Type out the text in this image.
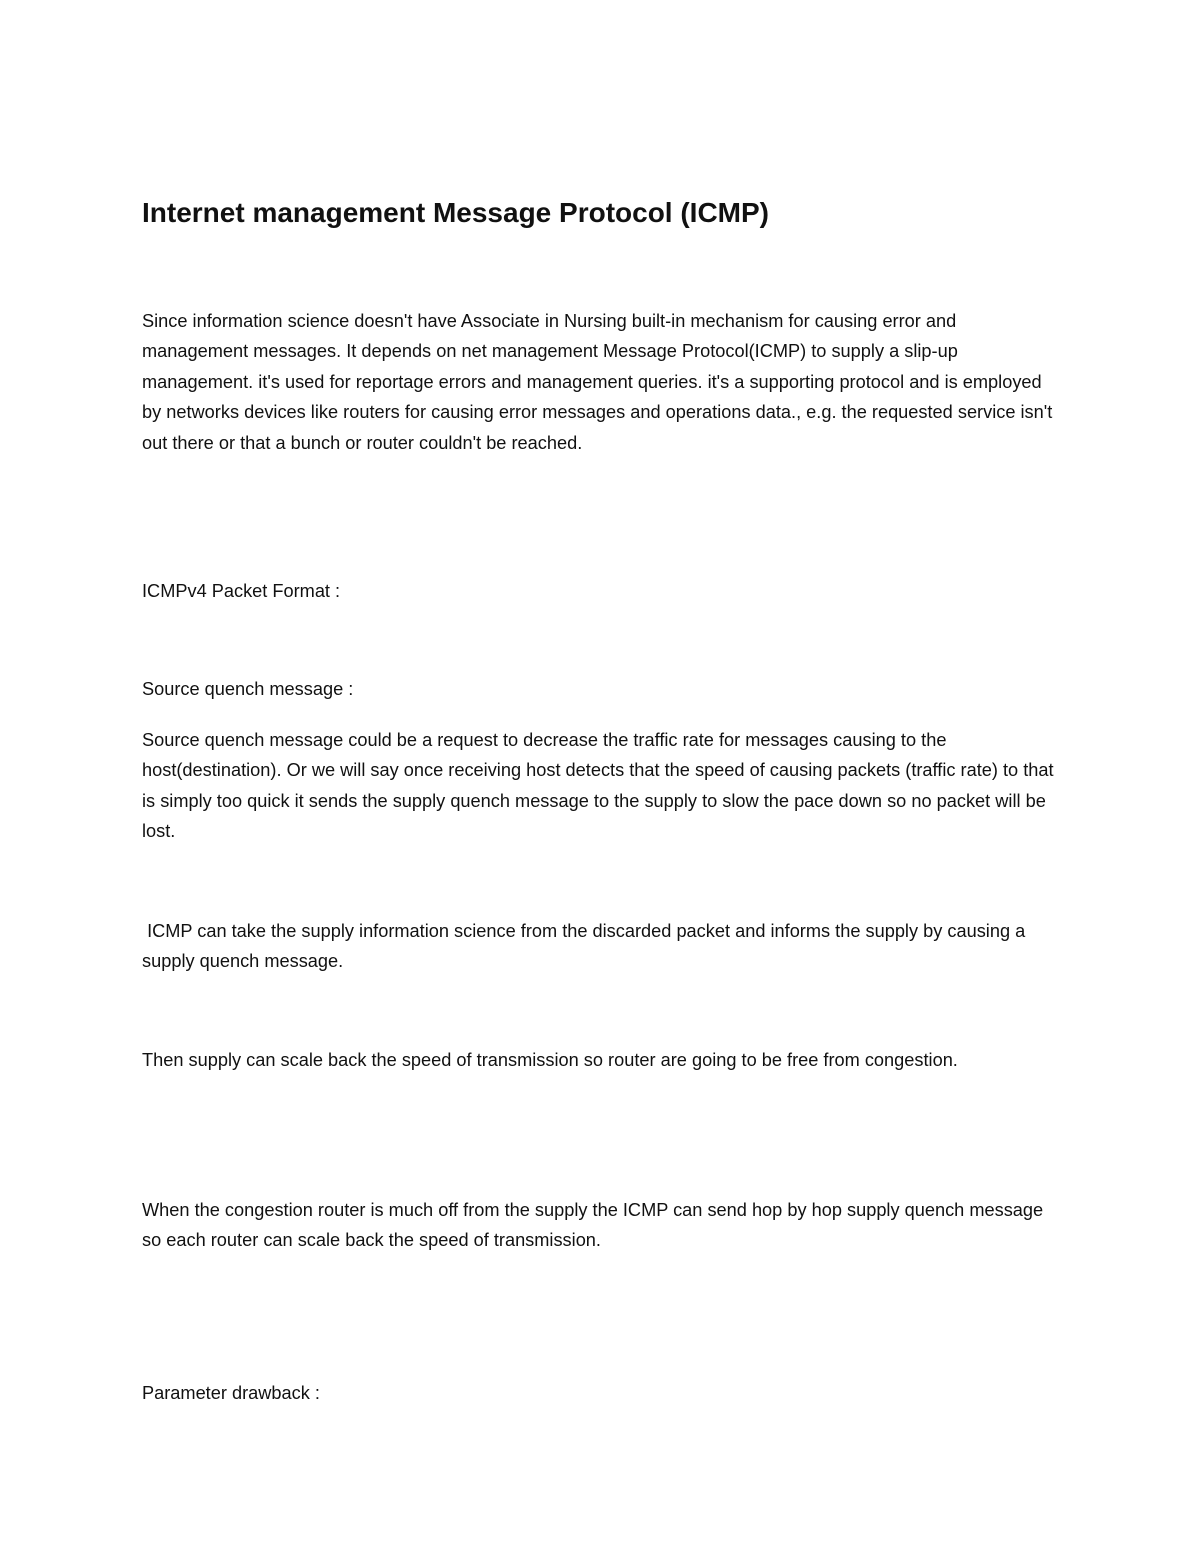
Internet management Message Protocol (ICMP)

Since information science doesn't have Associate in Nursing built-in mechanism for causing error and management messages. It depends on net management Message Protocol(ICMP) to supply a slip-up management. it's used for reportage errors and management queries. it's a supporting protocol and is employed by networks devices like routers for causing error messages and operations data., e.g. the requested service isn't out there or that a bunch or router couldn't be reached.

ICMPv4 Packet Format :

Source quench message :

Source quench message could be a request to decrease the traffic rate for messages causing to the host(destination). Or we will say once receiving host detects that the speed of causing packets (traffic rate) to that is simply too quick it sends the supply quench message to the supply to slow the pace down so no packet will be lost.

ICMP can take the supply information science from the discarded packet and informs the supply by causing a supply quench message.

Then supply can scale back the speed of transmission so router are going to be free from congestion.

When the congestion router is much off from the supply the ICMP can send hop by hop supply quench message so each router can scale back the speed of transmission.

Parameter drawback :
